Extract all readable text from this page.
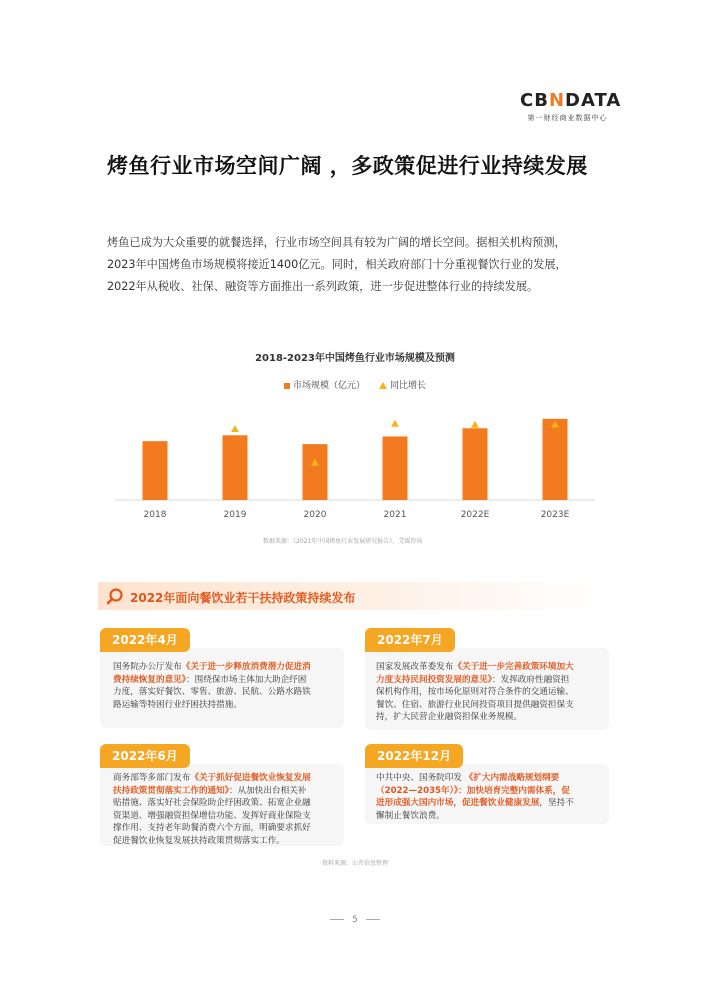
CBNDATA
第一财经商业数据中心
烤鱼行业市场空间广阔 ，多政策促进行业持续发展

烤鱼已成为大众重要的就餐选择，行业市场空间具有较为广阔的增长空间。据相关机构预测，

2023年中国烤鱼市场规模将接近1400亿元。同时，相关政府部门十分重视餐饮行业的发展，

2022年从税收、社保、融资等方面推出一系列政策，进一步促进整体行业的持续发展。

2018-2023年中国烤鱼行业市场规模及预测
市场规模（亿元）	同比增长
2018	2019	2020	2021	2022E	2023E
数据来源：《2021年中国烤鱼行业发展研究报告》，艾媒咨询
2022年面向餐饮业若干扶持政策持续发布
2022年4月
国务院办公厅发布《关于进一步释放消费潜力促进消
费持续恢复的意见》：围绕保市场主体加大助企纾困
力度，落实好餐饮、零售、旅游、民航、公路水路铁
路运输等特困行业纾困扶持措施。
2022年7月
国家发展改革委发布《关于进一步完善政策环境加大
力度支持民间投资发展的意见》：发挥政府性融资担
保机构作用，按市场化原则对符合条件的交通运输、
餐饮、住宿、旅游行业民间投资项目提供融资担保支
持，扩大民营企业融资担保业务规模。
2022年6月
商务部等多部门发布《关于抓好促进餐饮业恢复发展
扶持政策贯彻落实工作的通知》：从加快出台相关补
贴措施、落实好社会保险助企纾困政策、拓宽企业融
资渠道、增强融资担保增信功能、发挥好商业保险支
撑作用、支持老年助餐消费六个方面，明确要求抓好
促进餐饮业恢复发展扶持政策贯彻落实工作。
2022年12月
中共中央、国务院印发 《扩大内需战略规划纲要
（2022—2035年）》：加快培育完整内需体系，促
进形成强大国内市场，促进餐饮业健康发展，坚持不
懈制止餐饮浪费。
资料来源：公开信息整理
5
